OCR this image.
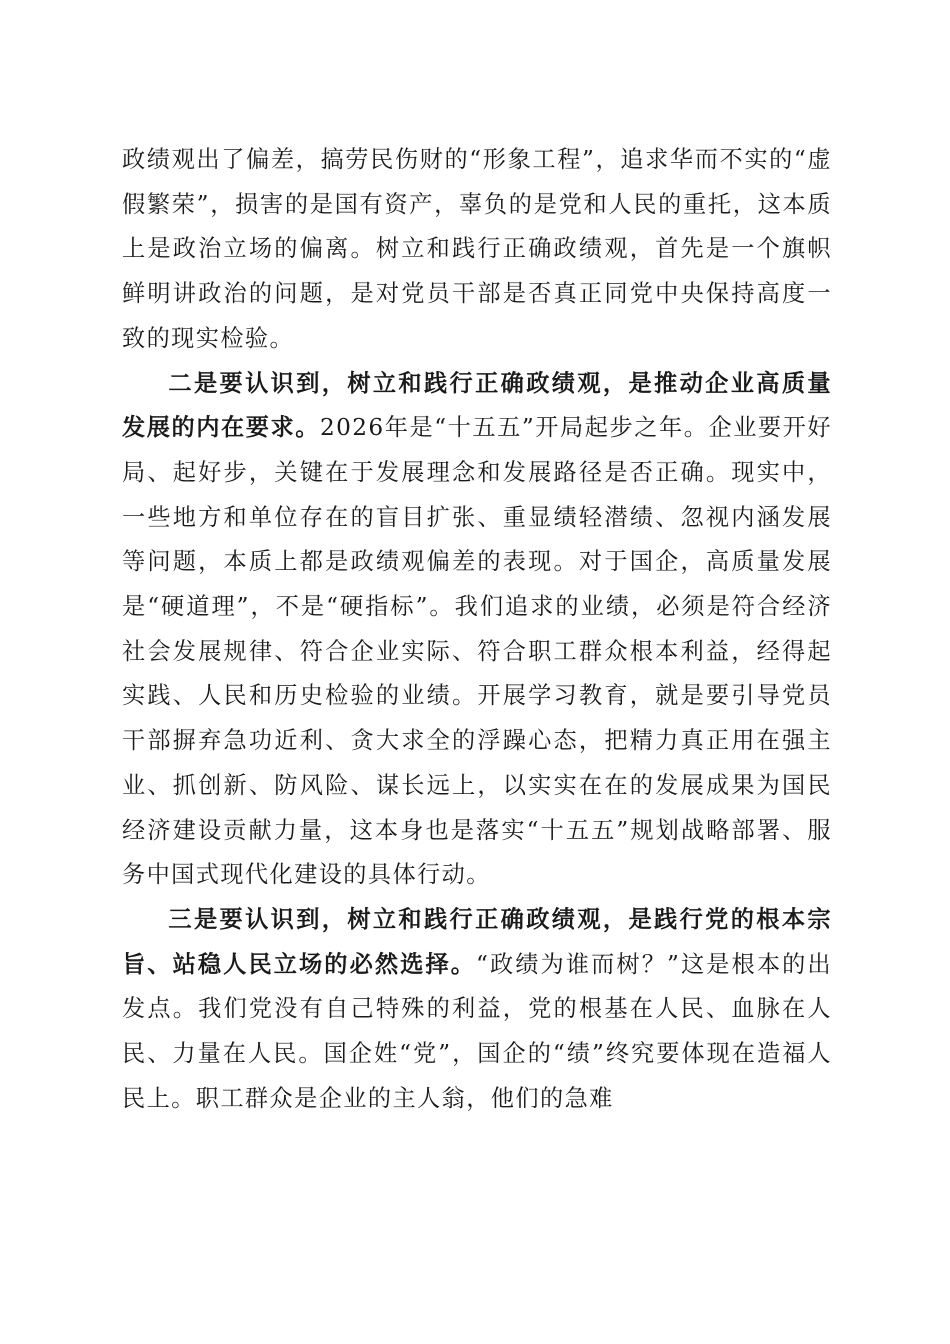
政绩观出了偏差，搞劳民伤财的“形象工程”，追求华而不实的“虚假繁荣”，损害的是国有资产，辜负的是党和人民的重托，这本质上是政治立场的偏离。树立和践行正确政绩观，首先是一个旗帜鲜明讲政治的问题，是对党员干部是否真正同党中央保持高度一致的现实检验。

二是要认识到，树立和践行正确政绩观，是推动企业高质量发展的内在要求。2026年是“十五五”开局起步之年。企业要开好局、起好步，关键在于发展理念和发展路径是否正确。现实中，一些地方和单位存在的盲目扩张、重显绩轻潜绩、忽视内涵发展等问题，本质上都是政绩观偏差的表现。对于国企，高质量发展是“硬道理”，不是“硬指标”。我们追求的业绩，必须是符合经济社会发展规律、符合企业实际、符合职工群众根本利益，经得起实践、人民和历史检验的业绩。开展学习教育，就是要引导党员干部摒弃急功近利、贪大求全的浮躁心态，把精力真正用在强主业、抓创新、防风险、谋长远上，以实实在在的发展成果为国民经济建设贡献力量，这本身也是落实“十五五”规划战略部署、服务中国式现代化建设的具体行动。

三是要认识到，树立和践行正确政绩观，是践行党的根本宗旨、站稳人民立场的必然选择。“政绩为谁而树？”这是根本的出发点。我们党没有自己特殊的利益，党的根基在人民、血脉在人民、力量在人民。国企姓“党”，国企的“绩”终究要体现在造福人民上。职工群众是企业的主人翁，他们的急难
